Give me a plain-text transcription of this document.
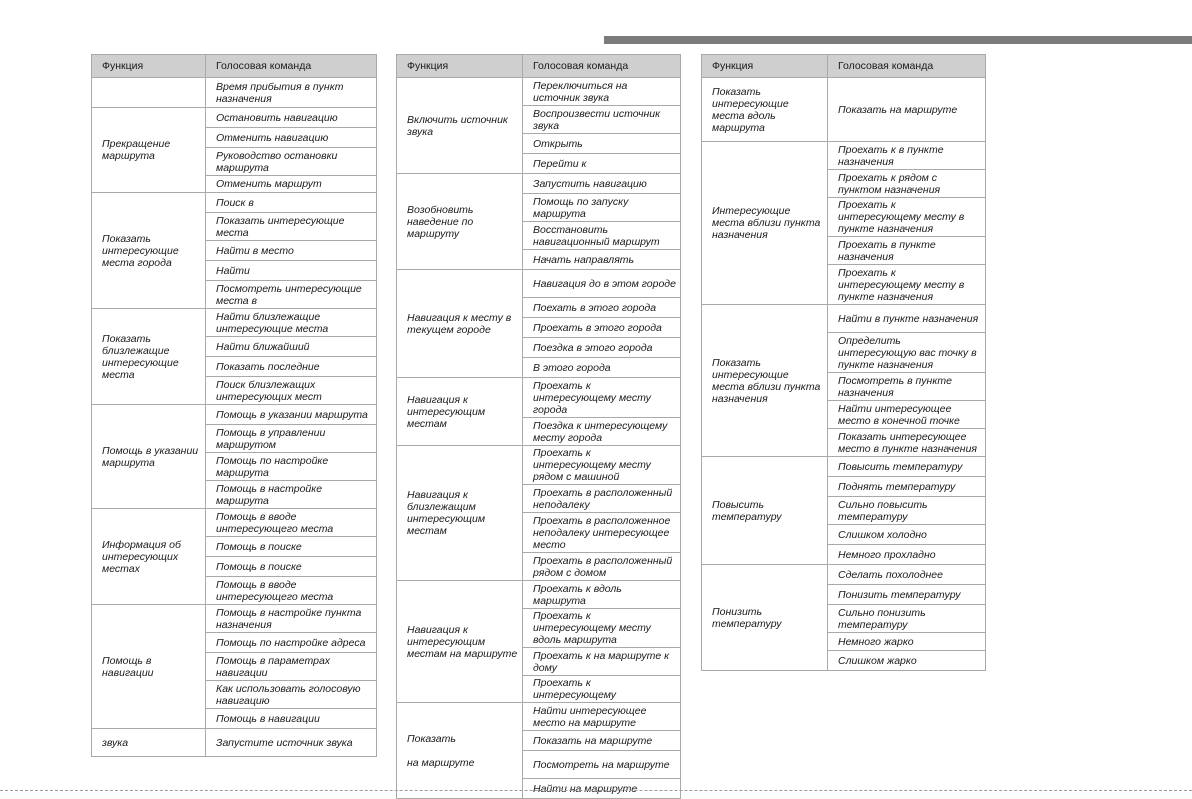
Функция	Голосовая команда
	Время прибытия в пункт назначения
Прекращение маршрута	Остановить навигацию
	Отменить навигацию
	Руководство остановки маршрута
	Отменить маршрут
Показать интересующие места города	Поиск в
	Показать интересующие места
	Найти в место
	Найти
	Посмотреть интересующие места в
Показать близлежащие интересующие места	Найти близлежащие интересующие места
	Найти ближайший
	Показать последние
	Поиск близлежащих интересующих мест
Помощь в указании маршрута	Помощь в указании маршрута
	Помощь в управлении маршрутом
	Помощь по настройке маршрута
	Помощь в настройке маршрута
Информация об интересующих местах	Помощь в вводе интересующего места
	Помощь в поиске
	Помощь в поиске
	Помощь в вводе интересующего места
Помощь в навигации	Помощь в настройке пункта назначения
	Помощь по настройке адреса
	Помощь в параметрах навигации
	Как использовать голосовую навигацию
	Помощь в навигации
звука	Запустите источник звука
Функция	Голосовая команда
Включить источник звука	Переключиться на источник звука
	Воспроизвести источник звука
	Открыть
	Перейти к
Возобновить наведение по маршруту	Запустить навигацию
	Помощь по запуску маршрута
	Восстановить навигационный маршрут
	Начать направлять
Навигация к месту в текущем городе	Навигация до в этом городе
	Поехать в этого города
	Проехать в этого города
	Поездка в этого города
	В этого города
Навигация к интересующим местам	Проехать к интересующему месту города
	Поездка к интересующему месту города
Навигация к близлежащим интересующим местам	Проехать к интересующему месту рядом с машиной
	Проехать в расположенный неподалеку
	Проехать в расположенное неподалеку интересующее место
	Проехать в расположенный рядом с домом
Навигация к интересующим местам на маршруте	Проехать к вдоль маршрута
	Проехать к интересующему месту вдоль маршрута
	Проехать к на маршруте к дому
	Проехать к интересующему
Показать

на маршруте	Найти интересующее место на маршруте
	Показать на маршруте
	Посмотреть на маршруте
	Найти на маршруте
Функция	Голосовая команда
Показать интересующие места вдоль маршрута	Показать на маршруте
Интересующие места вблизи пункта назначения	Проехать к в пункте назначения
	Проехать к рядом с пунктом назначения
	Проехать к интересующему месту в пункте назначения
	Проехать в пункте назначения
	Проехать к интересующему месту в пункте назначения
Показать интересующие места вблизи пункта назначения	Найти в пункте назначения
	Определить интересующую вас точку в пункте назначения
	Посмотреть в пункте назначения
	Найти интересующее место в конечной точке
	Показать интересующее место в пункте назначения
Повысить температуру	Повысить температуру
	Поднять температуру
	Сильно повысить температуру
	Слишком холодно
	Немного прохладно
Понизить температуру	Сделать похолоднее
	Понизить температуру
	Сильно понизить температуру
	Немного жарко
	Слишком жарко
